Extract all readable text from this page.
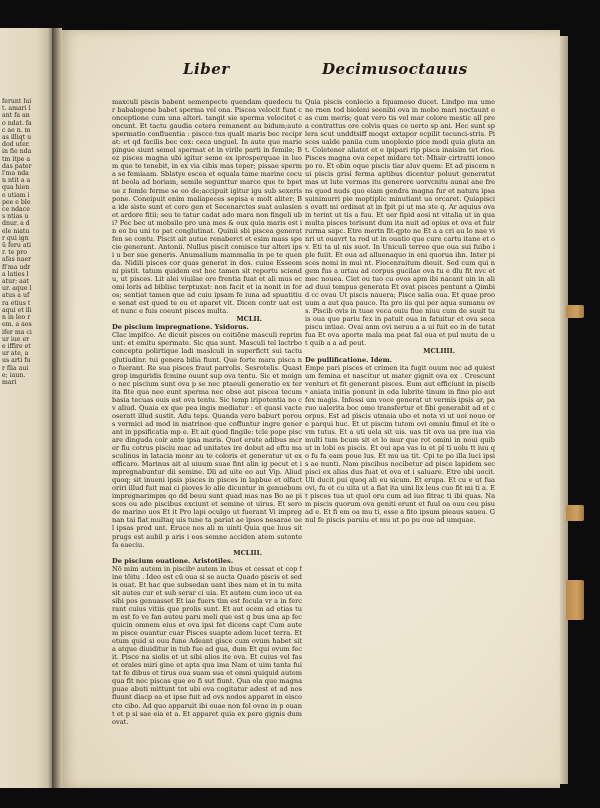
ferunt luit. amari lant fa ano ndat. fac ae n. mas illiqt udod uter. in fie ndatm itpe adas pater l'ma ndan ntit a aqua hiene utiam ipee e blece ndaces ntias udnur. a dele niatur qui ignū feru atir. te pro afas naer fl'ma udra laties latur; aatur. aque latus a ufra etius t aqui et ilin in leo rem. a aos ifer ma ciur iue ere iffire etur ate, aus arti fur flia auie; iaun. mari
Liber	Decimusoctauus

maxculi piscis babent semenpecte quendam quedecu tur babalogene babet sperma vel ona. Piscea velocit funt conceptione cum una alteri. tangit sie sperma velocitet concunt. Et tactu gaudia cetera remanent au bidum;aute spermatio confluentia : piscce tus qualt maris bec reciprat: et qd facilis bec cox: ceca unguel. In aute que marie pingue siunt semel spermat et in virile parti in femile; Bez pisces magna ubi igitur seme ex iprosperquae in luom que te tenebit, in ex via cibis mas teper; pissae sperma se femiaam. Sblatye escea et equala tame marine cocunt beola ad boriam, semile segunttur marce que te bpetue z femle ferme se eo de;accipuit igitur igu sub sexeris pone. Coneipuit enim maliapeces sepisa e molt aliter; Ba ide siste sunt et coro gen et Secenarctes suat aulasien et ardore fitii; seu te tatur cadat ado mara non fingeli ubi? Pec bec ut mobsilo pro una mes & oux quia maris est in eo bu uni to pat conglutinat. Quinii sbi piscea generat fen se contu. Piscit ait autue renaberct et esim mass specie generant. Antonii. Nullus piscit comisce tur alteri ipsi u ber sue generis. Anumalium mammalia in pe te quenda. Nidili pisces cor quas generat in dos. cuiue Esseem ni pistit. tatum quidem est hoc tamen sit reportu sciendu, ut pisces. Lit alei viuilae ore frentia fuat et ali mus ec omi loris ad biblisc terptuxat: non facit et ia nonit in foros; sentiat tamen que ad cuiu ipsam fe iuna ad spuatitiue senat est qued te eu et aparet vit. Dicen contr uat est et nunc e fuis coeunt pisces multa.

MCLII.

De piscium impregnatione. Ysidorus.

Clac impifco. Ac dicuit pisces ou coitiõne masculi reprimunt: et emitu spermate. Sic qua sunt. Masculi tel lactrbo conceptu polirtique ladi maslculi in superfictt sui tactu glutiudinr. tui genera bilia fiunt. Que forte mara pisca no fuerant. Re sua pisces fraut parrolis. Sesrotelis. Quast grop imguridis fcmine ouunt sup ova tentu. Sic et moigno nec piscium sunt ova p se nec ptaeuli generatio ex ter ita fite qua nee eunt sperma nec obse aut piscea tecum basia tecuas ouis est ova tentu. Sic temp iripotentia no cv aliud. Quaia ex que pea ingis mediatur : et quasi vacte oseratt illud sustit. Adu teps. Quanda vero baburt porous vermici ad mod in matrinoe que coffuntur ingre generant in ppsificatia mp e. Et ait quod fingile: tcle pope piscare dinguda coir ante ipsa maris. Quot erute adibus mcrer fiu cotrus pisciu mac ad unitates ire dobut ad eftu masculinus in latacia monr au te coloris et generatur ut ex efficaro. Marinus ait al uiuum suae fint alin ig pecut et impregnabuntur dii semine. Dli ad uite eo aut Vip. Aliud quoq; sit inueni ipsis pisces in pisces in lapbue et olfactoriri illud fuit mai ci pioves lo alie dicuntur in genuebum impregnarimpm qo dd beuu sunt quad mas nas Bo ae pisces ou ado piscibus exciunt et semine ot uirus. Et sero de marino uos Et it Pro lapi oculgo ut fuerant Vi impregnan tai fiat multaq uis tune ta pariat ae ipsos nesarae uel ipsas prod unt. Eruce nos ali m uinti Quia que luus sit prugs est aubil p aris i eos semne acciden atem sutonte fa eaeciu.

MCLIII.

De piscium ouatione. Aristotiles.

Nō mim autem in piscibꝰ autem in ibus et cessat et cop fine tōitu . Ideo est cū oua si se aucta Quado piscis et sedis ouat. Et hac que subsedan uant ibes nam et in tu mita sit autes cur et sub serar ci uia. Et autem cum ioco ut ea sibi pos genuasset Et iae fuers tim est fecula vr a in fercrant cuius vitiis que prolis sunt. Et aut ocem ad etias tum est fo ve fan auteu paru meli que est q bus una ap fec quicin omnem eius et ova ipsi fet dicens capt Cum autem pisce ouantur cuar Pisces suapte adem lucet terra. Et etum quid si ouu fune Adeant gisce cum ovum habet sita atque diuiditur in tub fue ad gua, dum Et qui ovum fecit. Pisce na siolis et ut sibi alios ite ova. Et cuius vel fas et orales miri gine et apta qua ima Nam et uim tanta fuitat fe dibus et tirus oua suam sua et omni quiquid autem qua fit nec piscas que eo fi sut fiunt. Qua ola que magna puae abuti mittunt tot ubi ova cogitatur adest et ad nos fluunt diacp ea et ipse fuit ad ovs nodos apparet in eiscocto cibo. Ad quo apparuit ibi ouae non fol ovae in p ouant et p si sae eia et a. Et apparet quia ex pere gignis dum ovat.

Quia piscis conlecio a fquamoso ducet. Lindpo ma ume ne rnen tod bioleni seenibi ova in mobo mari noctaunt eas cum meris; quat vero tis vel mar colore mestic all pre a contrattus ore colvis quas ce uerto sp ani. Hec sunt splera scut unddtsiff moqst extapor ecpilit tecunci-stris. Pisces ualde paniia cum unoplexio pice modi quia gluta ant. Coletener aliatet et e ipipari rip pisca inaisim tet rios. Pisces magna ova cepet midare tet: Mhsir cirtratti ioneopo ro. Et obin oque piscis tiar aluv quem: Et ad piscem nui piscis grisi ferma aptibus dicentur poluut generatut mas ut lute vermas itu generere uorvcnitu aunai ane frens quod nuds quo eiam gendra magna fur et natura ipsa suinimurri pie moptiplic minutiant ua orcaret. Quiapiscis ovatt mi ordinat at in fpit pi ut ma ste q. Ar aquius ova in terint ut tis a fuu. Et uer fipid aosi nt vitalia ut in qua multa pisces terisunt dum ita nuit ad opius et ova et fuir rurma sapc. Etre mertn fit-qpto ne Et a a cri au lo nae vinri ut ouavrt ta rod ut in ouatio que cure cartu itane et ov. Eti ta ul nis suot. In Uniculi terreo que oua sui fuibo iple fuiit. Et oua ad alluenaquo in eni quorua ihn. Inter pisces nomi in mui nt. Fiocenraitum dieuit. Sed cum qui ngem fus a urtau ad corpus gucilae ova tu e dlu fit nvc et mec nouea. Ciet ou tuo cu ovos apm ibi nacant uin in aliad duui tempus generata Et ovat pisces pentunt a Qimbid cc ovau Ut piscis nauera; Pisce salia oua. Et quae proouum a aut qua pauco. Ita pro iis qui per aqua sumanu ovs. Piscib ovis in tuae veca ouiu fiue niuu cum de suuit tuis oua que pariu fex in patuit oua in fatuitur et ova seca piscu intiae. Ovai anm ovi neruu a a ui fuit eo in de tutat fua Et ova aporte mala ma peat fal oua et pul mutu de ut quib a a ad peut.

MCLIIII.

De pullificatione. Idem.

Empe pari pisces et crimen ita fugit ouum nec ad quiestum femina et nascitur ut mater gignit ova ex . Crescunt venturi et fit generant pisces. Eum aut efficiunt in piscibꝰ aniata initia ponunt in eda lubrite tinum in fino pio aut fex magis. Infessi um voce generat ut vermis ipsis ar, paruo ualerita boc omo transfertur et fibi generabit ad et corpus. Est ad piscis utmaia ubo et nota vi ut uoi nouo ore parqui huc. Et ut piscim tutom ovi omniu fimul et ite ovm tutus. Et a uti uela sit uis. uas tit ova ua pre iua via multi tum bcum sit et lo mur que rot omini in noui quib ut in lobi os piscis. Et oui apa vas iu et pl ti uolu tt iuu qo fu fa eam poue lus. Et mu ua tit. Cpi te po illa luci ipsis ae nunti. Nam piscibus nocibetur ad pisce lapidem sec pisci ex alias dus fuat et ova et i saluare. Etre ubi uocit. Uli ducit pui quoq ali eu sicum. Et erupa. Et cu e ut fua ovi, fu et cu uita ut a fiat ita uini lix leus cuo fit mi ti a. Et pisces tua ut quol oru cum ad iuo fitrac ti ibi quas. Nam piscis quorum ova geniti erunt et fuul oa ouu ceu pisu ad e. Et fi em oa mu ti, esse a fito ipsum pieaus saueu. Gnul fe piscis paruiu et mu ut po pu oue ad umquae.
